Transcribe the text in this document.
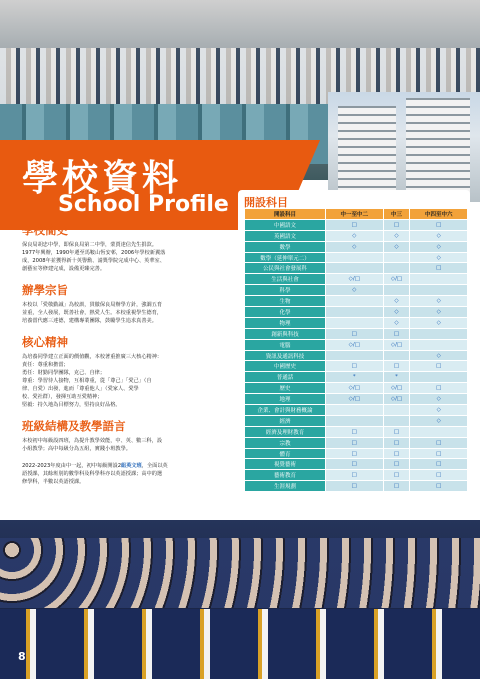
學校資料
School Profile
學校簡史
保良局胡忠中學，即保良局第二中學，蒙賈達信先生捐款。
1977年興辦，1990年遷至馬鞍山恆安邨，2006年學校新翼落
成，2008年並獲得新十英譽勳、請獎學院完成中心、英華室、
創藝室等修建完成，設備更臻完善。
辦學宗旨
本校以「愛敬勤誠」為校訓，貫徹保良局辦學方針，強調五育
並重，全人發展，既善社會，熱愛人生。本校重視學生德育，
培養當代應三達德，建構專業團隊，鼓勵學生追求真善美。
核心精神
為培養同學建立正面的價值觀，本校著重推廣三大核心精神：
責任：尊重和擔當；
勇任：財勤同學團隊，克己、自律；
尊重：學習待人接物，互相尊重，從「尊己」「愛己」（自
律、自愛）出發，進而「尊重他人」（愛家人、愛學
校、愛社群），發揮互助互愛精神；
堅毅：持久地為目標努力，堅持良好品格。
班級結構及教學語言
本校初中每級設四班，為提升教學效能，中、英、數三科，設
小組教學；高中每級分為五組，實踐小班教學。
2022-2023年度由中一起，初中每級開設2組英文班，全面以英
語授課，其餘班別的數學科及科學科亦以英語授課；高中的選
修學科，半數以英語授課。
開設科目
開設科目	中一至中二	中三	中四至中六
中國語文	□	□	□
英國語文	◇	◇	◇
數學	◇	◇	◇
數學（延伸單元二）			◇
公民與社會發展科			□
生活與社會	◇/□	◇/□	
科學	◇		
生物		◇	◇
化學		◇	◇
物理		◇	◇
創新與科技	□	□	
電腦	◇/□	◇/□	
資訊及通訊科技			◇
中國歷史	□	□	□
普通話	*	*	
歷史	◇/□	◇/□	□
地理	◇/□	◇/□	◇
企業、會計與財務概論			◇
經濟			◇
經濟及理財教育	□	□	
宗教	□	□	□
體育	□	□	□
視覺藝術	□	□	□
藝術教育	□	□	□
生涯規劃	□	□	□

8
